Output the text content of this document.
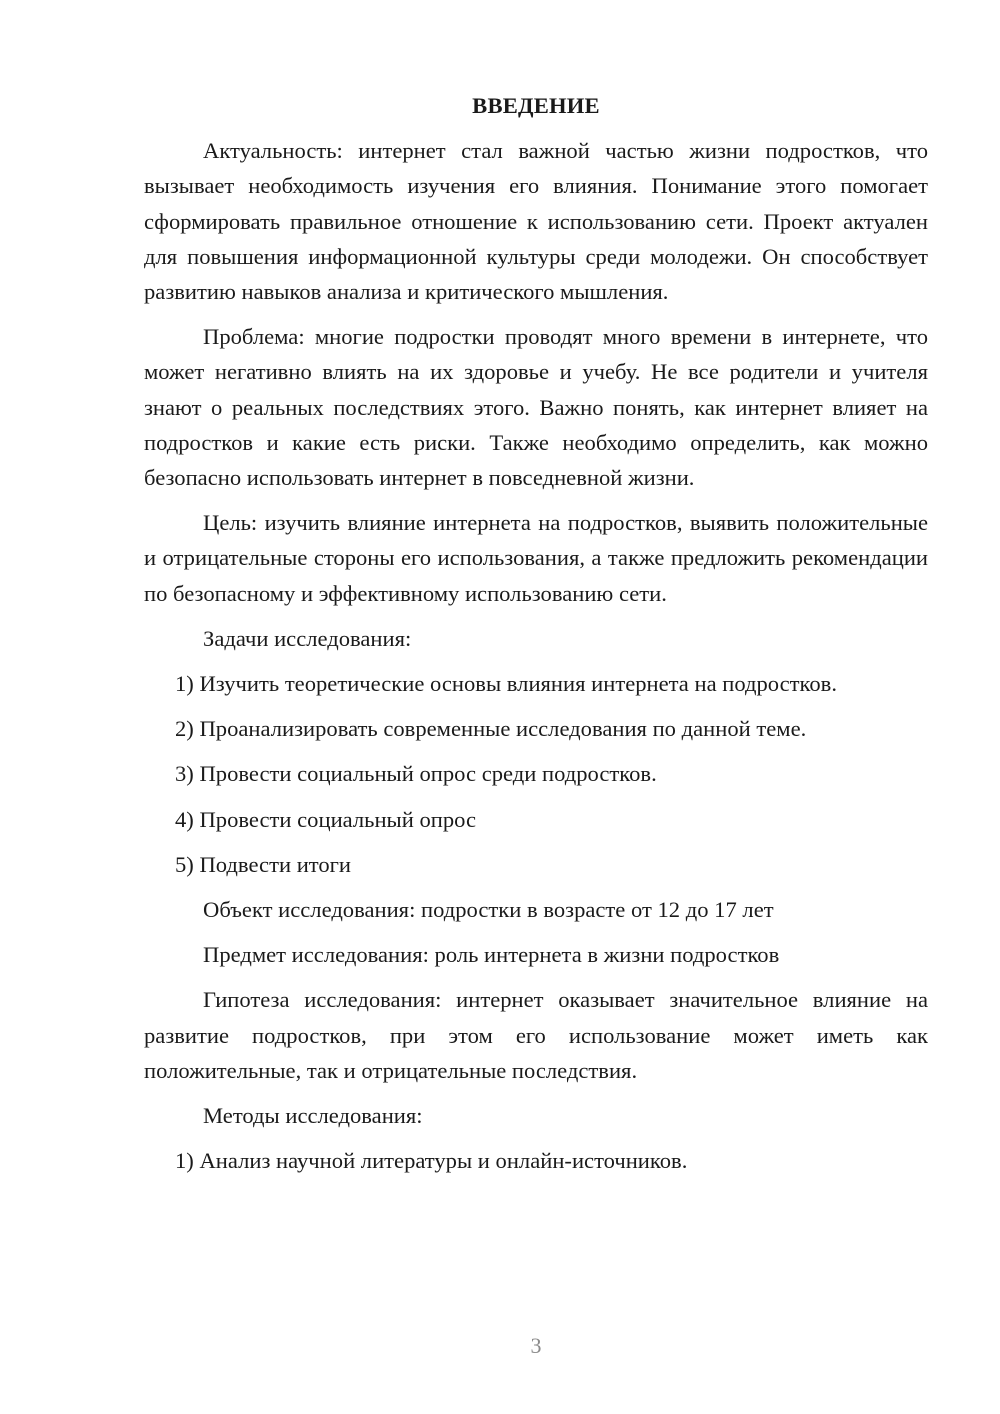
ВВЕДЕНИЕ

Актуальность: интернет стал важной частью жизни подростков, что вызывает необходимость изучения его влияния. Понимание этого помогает сформировать правильное отношение к использованию сети. Проект актуален для повышения информационной культуры среди молодежи. Он способствует развитию навыков анализа и критического мышления.

Проблема: многие подростки проводят много времени в интернете, что может негативно влиять на их здоровье и учебу. Не все родители и учителя знают о реальных последствиях этого. Важно понять, как интернет влияет на подростков и какие есть риски. Также необходимо определить, как можно безопасно использовать интернет в повседневной жизни.

Цель: изучить влияние интернета на подростков, выявить положительные и отрицательные стороны его использования, а также предложить рекомендации по безопасному и эффективному использованию сети.

Задачи исследования:
1) Изучить теоретические основы влияния интернета на подростков.
2) Проанализировать современные исследования по данной теме.
3) Провести социальный опрос среди подростков.
4) Провести социальный опрос
5) Подвести итоги
Объект исследования: подростки в возрасте от 12 до 17 лет
Предмет исследования: роль интернета в жизни подростков

Гипотеза исследования: интернет оказывает значительное влияние на развитие подростков, при этом его использование может иметь как положительные, так и отрицательные последствия.

Методы исследования:
1) Анализ научной литературы и онлайн-источников.
3
